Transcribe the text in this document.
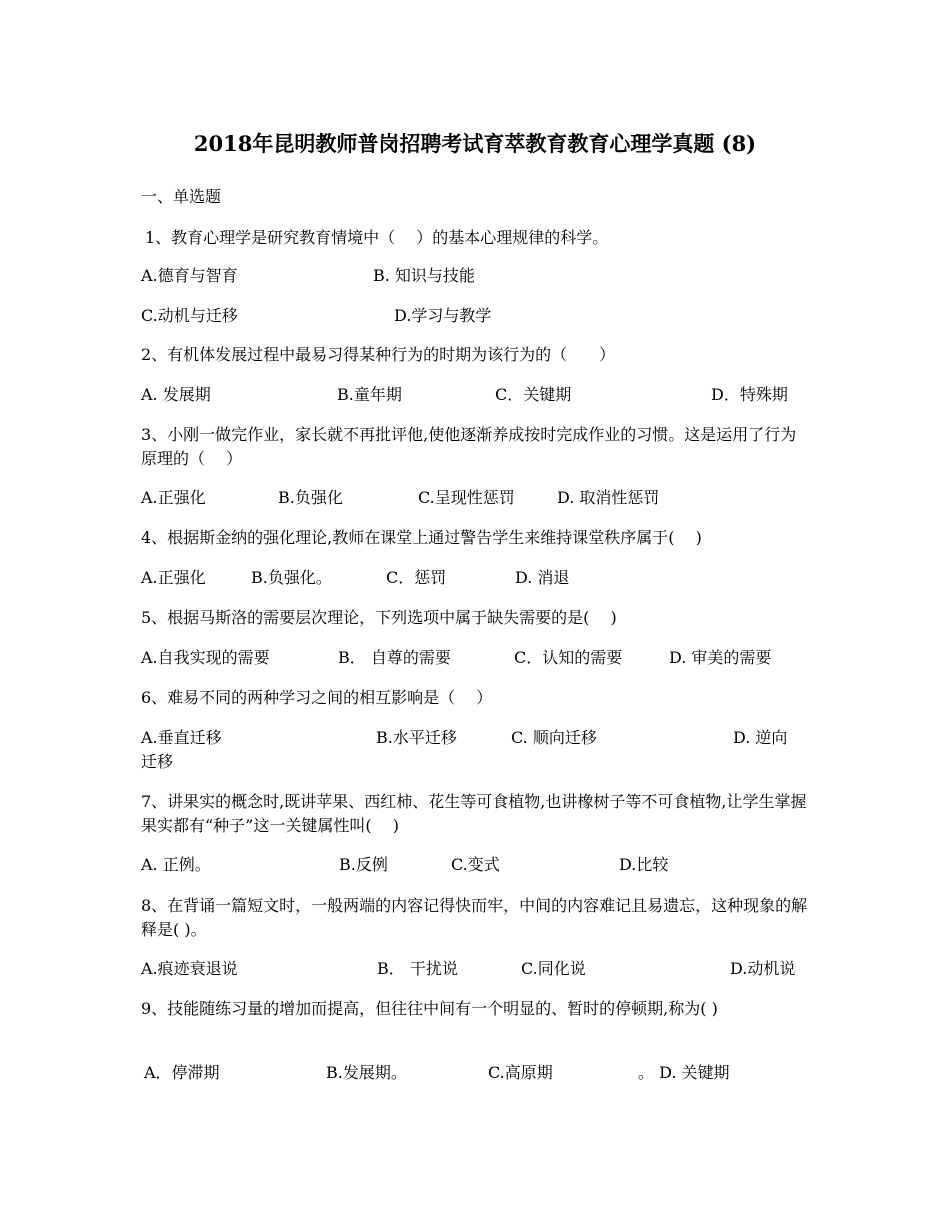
2018年昆明教师普岗招聘考试育萃教育教育心理学真题 (8)
一、单选题
1、教育心理学是研究教育情境中（　 ）的基本心理规律的科学。
A.德育与智育	B. 知识与技能
C.动机与迁移	D.学习与教学
2、有机体发展过程中最易习得某种行为的时期为该行为的（　　）
A. 发展期	B.童年期	C．关键期	D．特殊期
3、小刚一做完作业，家长就不再批评他,使他逐渐养成按时完成作业的习惯。这是运用了行为原理的（　 ）
A.正强化	B.负强化	C.呈现性惩罚	D. 取消性惩罚
4、根据斯金纳的强化理论,教师在课堂上通过警告学生来维持课堂秩序属于(　 )
A.正强化	B.负强化。	C．惩罚	D. 消退
5、根据马斯洛的需要层次理论，下列选项中属于缺失需要的是( 　)
A.自我实现的需要	B． 自尊的需要	C．认知的需要	D. 审美的需要
6、难易不同的两种学习之间的相互影响是（　 ）
A.垂直迁移	B.水平迁移	C. 顺向迁移	D. 逆向
迁移
7、讲果实的概念时,既讲苹果、西红柿、花生等可食植物,也讲橡树子等不可食植物,让学生掌握果实都有“种子”这一关键属性叫(　 )
A. 正例。	B.反例	C.变式	D.比较
8、在背诵一篇短文时，一般两端的内容记得快而牢，中间的内容难记且易遗忘，这种现象的解释是( )。
A.痕迹衰退说	B． 干扰说	C.同化说	D.动机说
9、技能随练习量的增加而提高，但往往中间有一个明显的、暂时的停顿期,称为( )
A．停滞期	B.发展期。	C.高原期	。 D. 关键期
